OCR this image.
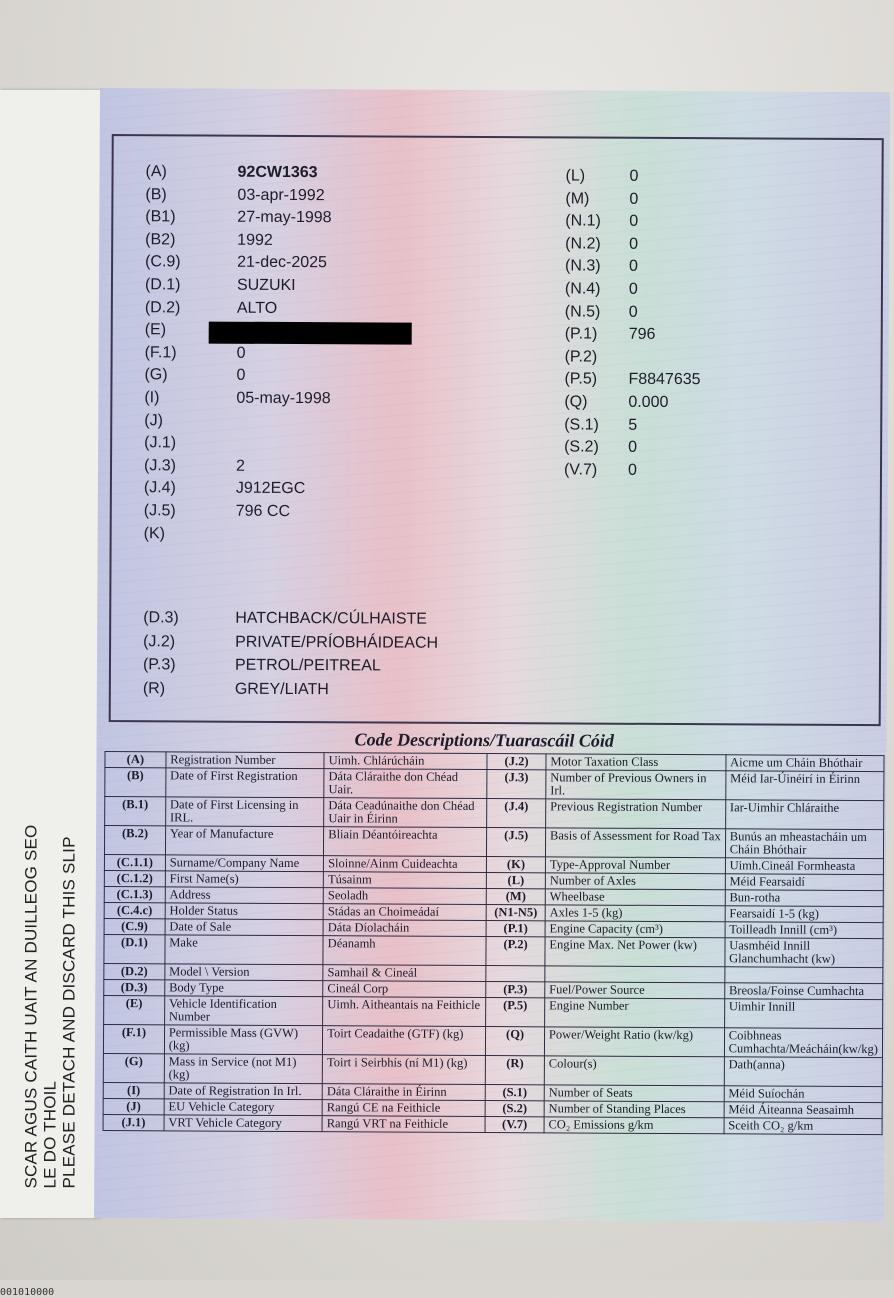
SCAR AGUS CAITH UAIT AN DUILLEOG SEO LE DO THOIL PLEASE DETACH AND DISCARD THIS SLIP
001010000
(A)	92CW1363
(B)	03-apr-1992
(B1)	27-may-1998
(B2)	1992
(C.9)	21-dec-2025
(D.1)	SUZUKI
(D.2)	ALTO
(E)
(F.1)	0
(G)	0
(I)	05-may-1998
(J)
(J.1)
(J.3)	2
(J.4)	J912EGC
(J.5)	796 CC
(K)
(D.3)	HATCHBACK/CÚLHAISTE
(J.2)	PRIVATE/PRÍOBHÁIDEACH
(P.3)	PETROL/PEITREAL
(R)	GREY/LIATH
(L)	0
(M) 0
(N.1) 0
(N.2) 0
(N.3) 0
(N.4) 0
(N.5) 0
(P.1) 796
(P.2)
(P.5) F8847635
(Q)	0.000
(S.1) 5
(S.2) 0
(V.7) 0
Code Descriptions/Tuarascáil Cóid
(A)	Registration Number	Uimh. Chlárúcháin	(J.2)	Motor Taxation Class	Aicme um Cháin Bhóthair
(B)	Date of First Registration	Dáta Cláraithe don Chéad Uair.	(J.3)	Number of Previous Owners in Irl.	Méid Iar-Úinéirí in Éirinn
(B.1)	Date of First Licensing in IRL.	Dáta Ceadúnaithe don Chéad Uair in Éirinn	(J.4)	Previous Registration Number	Iar-Uimhir Chláraithe
(B.2)	Year of Manufacture	Bliain Déantóireachta	(J.5)	Basis of Assessment for Road Tax	Bunús an mheastacháin um Cháin Bhóthair
(C.1.1)	Surname/Company Name	Sloinne/Ainm Cuideachta	(K)	Type-Approval Number	Uimh.Cineál Formheasta
(C.1.2)	First Name(s)	Túsainm	(L)	Number of Axles	Méid Fearsaidí
(C.1.3)	Address	Seoladh	(M)	Wheelbase	Bun-rotha
(C.4.c)	Holder Status	Stádas an Choimeádaí	(N1-N5)	Axles 1-5 (kg)	Fearsaidí 1-5 (kg)
(C.9)	Date of Sale	Dáta Díolacháin	(P.1)	Engine Capacity (cm³)	Toilleadh Innill (cm³)
(D.1)	Make	Déanamh	(P.2)	Engine Max. Net Power (kw)	Uasmhéid Innill Glanchumhacht (kw)
(D.2)	Model \ Version	Samhail & Cineál			
(D.3)	Body Type	Cineál Corp	(P.3)	Fuel/Power Source	Breosla/Foinse Cumhachta
(E)	Vehicle Identification Number	Uimh. Aitheantais na Feithicle	(P.5)	Engine Number	Uimhir Innill
(F.1)	Permissible Mass (GVW) (kg)	Toirt Ceadaithe (GTF) (kg)	(Q)	Power/Weight Ratio (kw/kg)	Coibhneas Cumhachta/Meácháin(kw/kg)
(G)	Mass in Service (not M1) (kg)	Toirt i Seirbhís (ní M1) (kg)	(R)	Colour(s)	Dath(anna)
(I)	Date of Registration In Irl.	Dáta Cláraithe in Éirinn	(S.1)	Number of Seats	Méid Suíochán
(J)	EU Vehicle Category	Rangú CE na Feithicle	(S.2)	Number of Standing Places	Méid Áiteanna Seasaimh
(J.1)	VRT Vehicle Category	Rangú VRT na Feithicle	(V.7)	CO₂ Emissions g/km	Sceith CO₂ g/km
